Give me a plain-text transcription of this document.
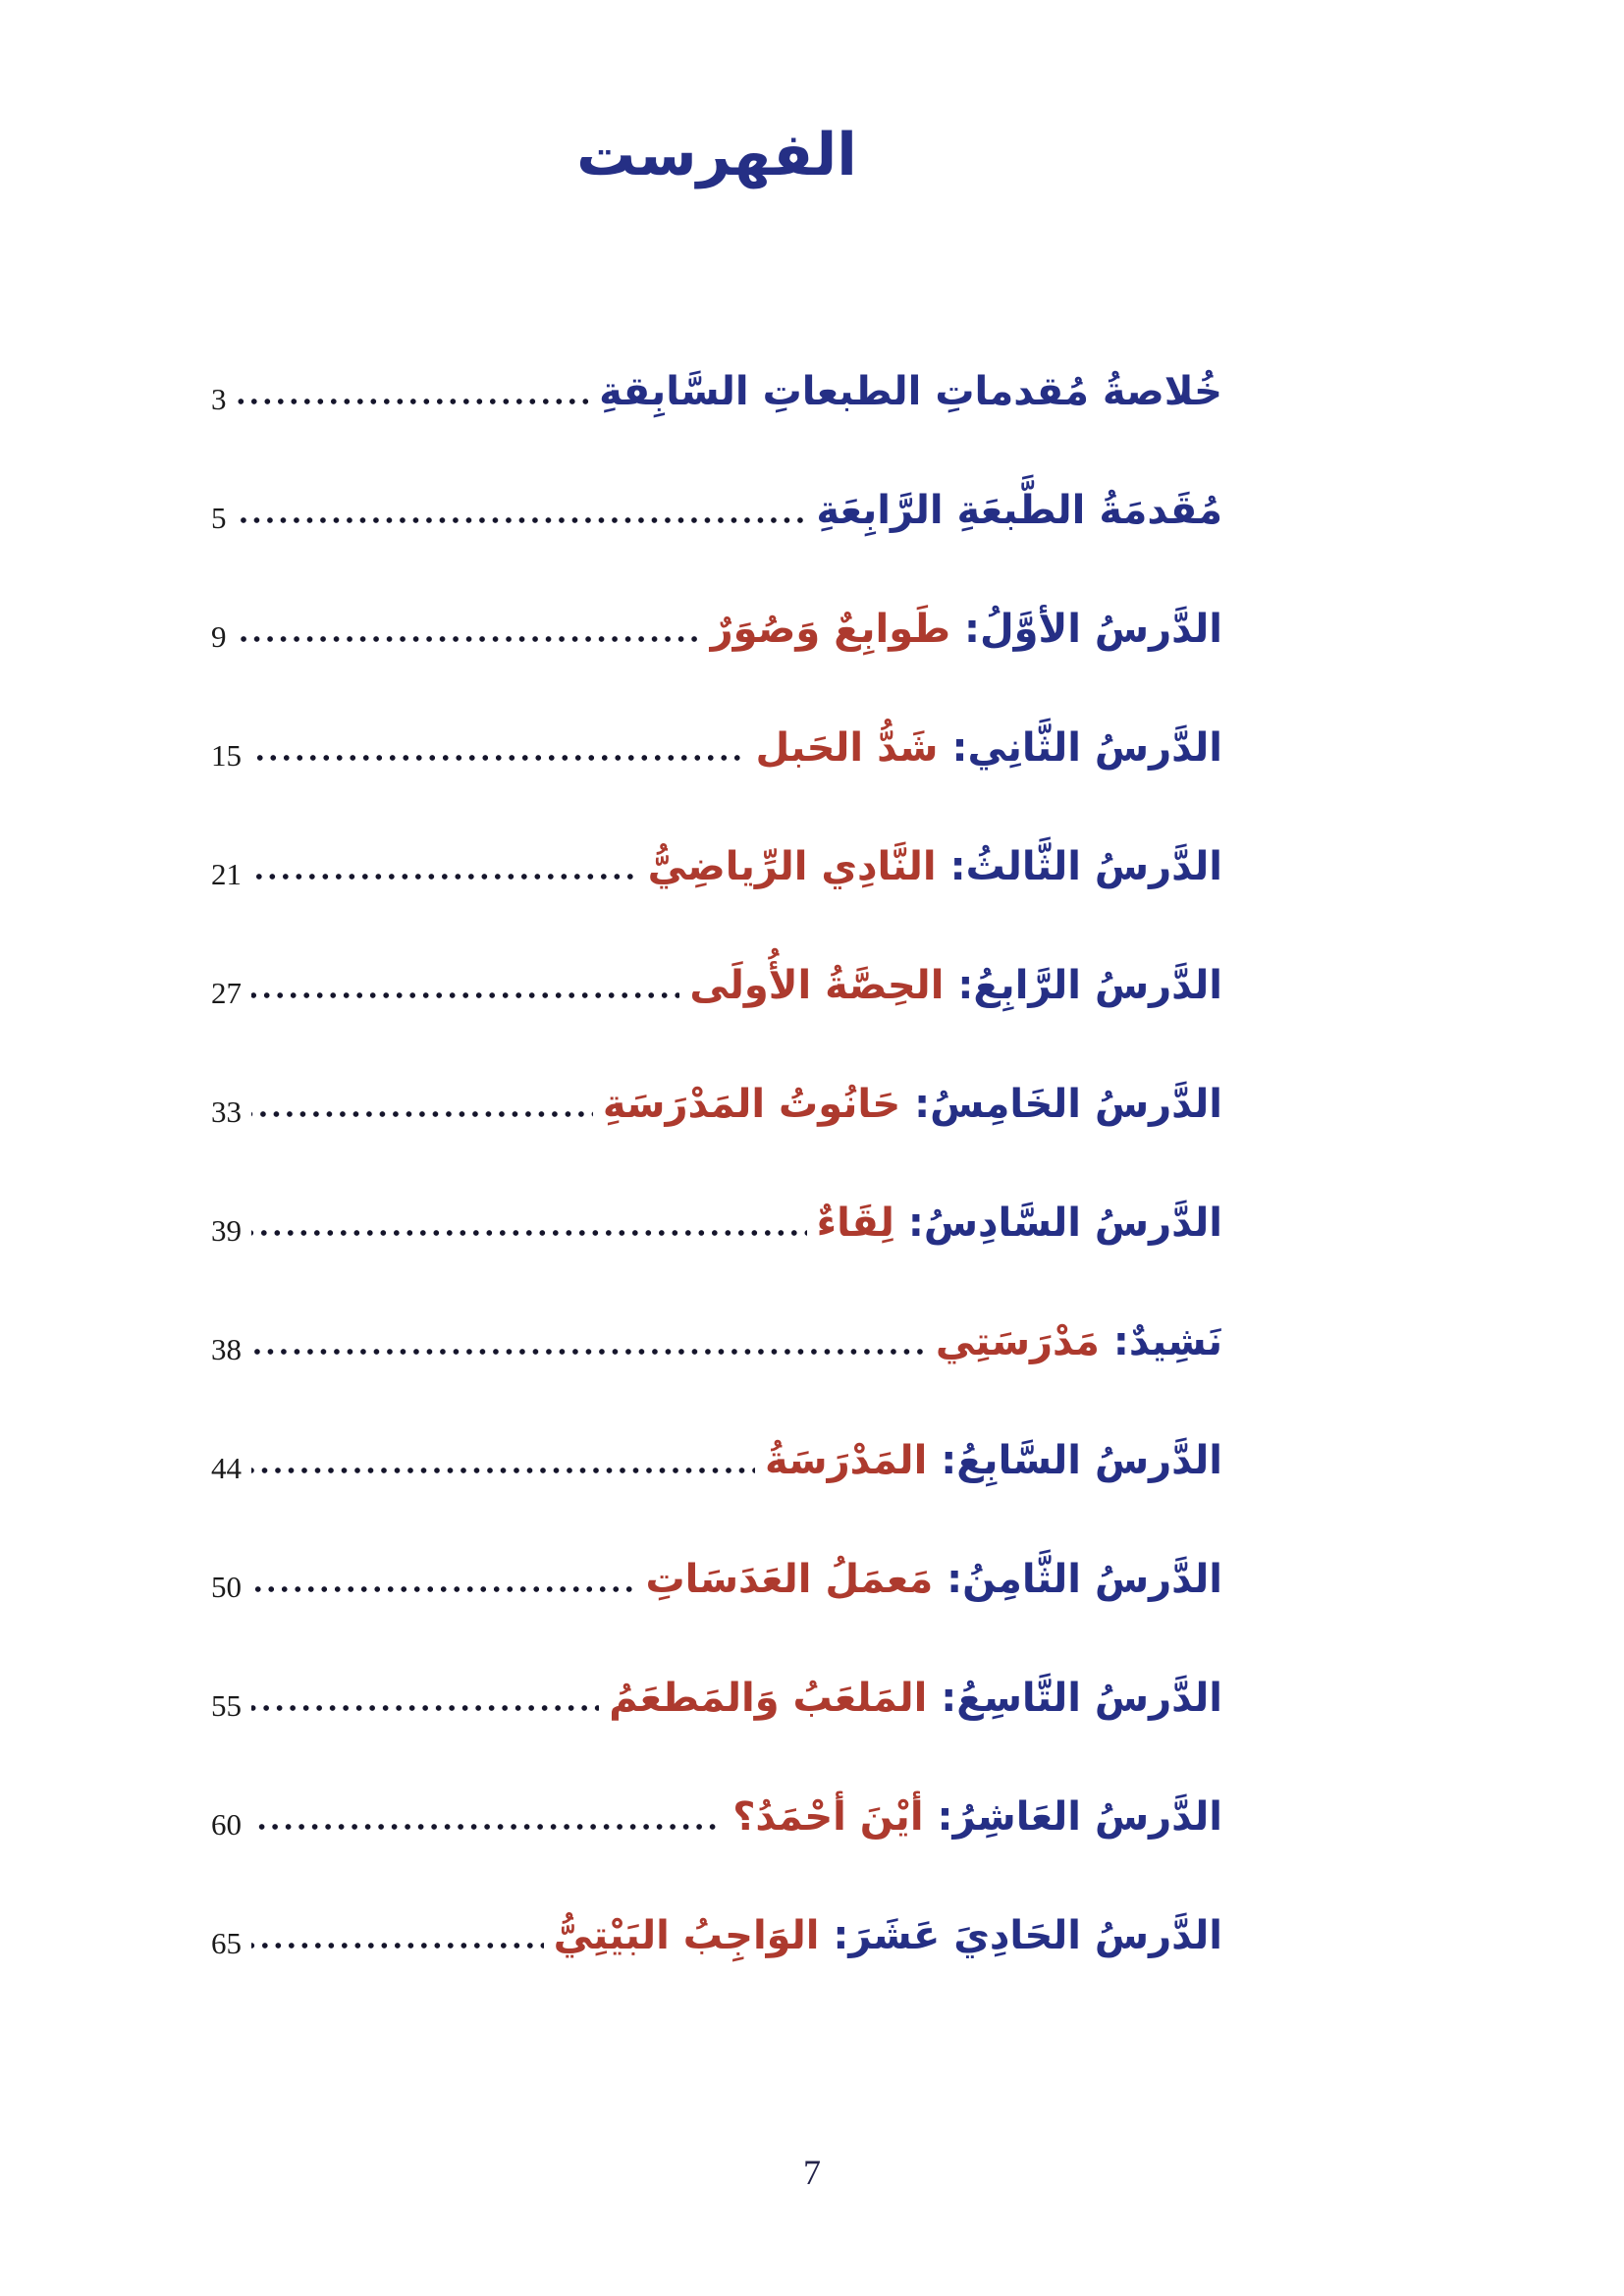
الفهرست
خُلاصةُ مُقدماتِ الطبعاتِ السَّابِقةِ
3
مُقَدمَةُ الطَّبعَةِ الرَّابِعَةِ
5
الدَّرسُ الأوَّلُ: طَوابِعٌ وَصُوَرٌ
9
الدَّرسُ الثَّانِي: شَدُّ الحَبل
15
الدَّرسُ الثَّالثُ: النَّادِي الرِّياضِيُّ
21
الدَّرسُ الرَّابِعُ: الحِصَّةُ الأُولَى
27
الدَّرسُ الخَامِسُ: حَانُوتُ المَدْرَسَةِ
33
الدَّرسُ السَّادِسُ: لِقَاءٌ
39
نَشِيدٌ: مَدْرَسَتِي
38
الدَّرسُ السَّابِعُ: المَدْرَسَةُ
44
الدَّرسُ الثَّامِنُ: مَعمَلُ العَدَسَاتِ
50
الدَّرسُ التَّاسِعُ: المَلعَبُ وَالمَطعَمُ
55
الدَّرسُ العَاشِرُ: أيْنَ أحْمَدُ؟
60
الدَّرسُ الحَادِيَ عَشَرَ: الوَاجِبُ البَيْتِيُّ
65
7
